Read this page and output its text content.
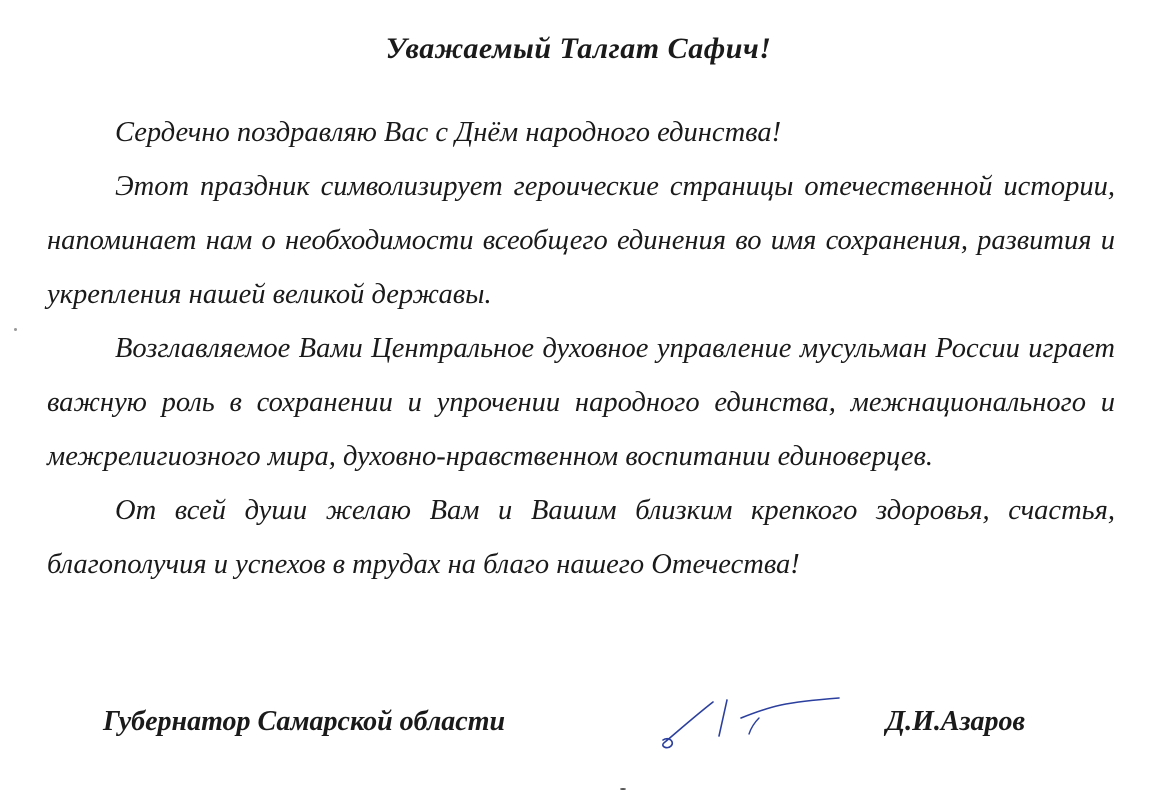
Уважаемый Талгат Сафич!

Сердечно поздравляю Вас с Днём народного единства!

Этот праздник символизирует героические страницы отечественной истории, напоминает нам о необходимости всеобщего единения во имя сохранения, развития и укрепления нашей великой державы.

Возглавляемое Вами Центральное духовное управление мусульман России играет важную роль в сохранении и упрочении народного единства, межнационального и межрелигиозного мира, духовно-нравственном воспитании единоверцев.

От всей души желаю Вам и Вашим близким крепкого здоровья, счастья, благополучия и успехов в трудах на благо нашего Отечества!

Губернатор Самарской области	Д.И.Азаров
